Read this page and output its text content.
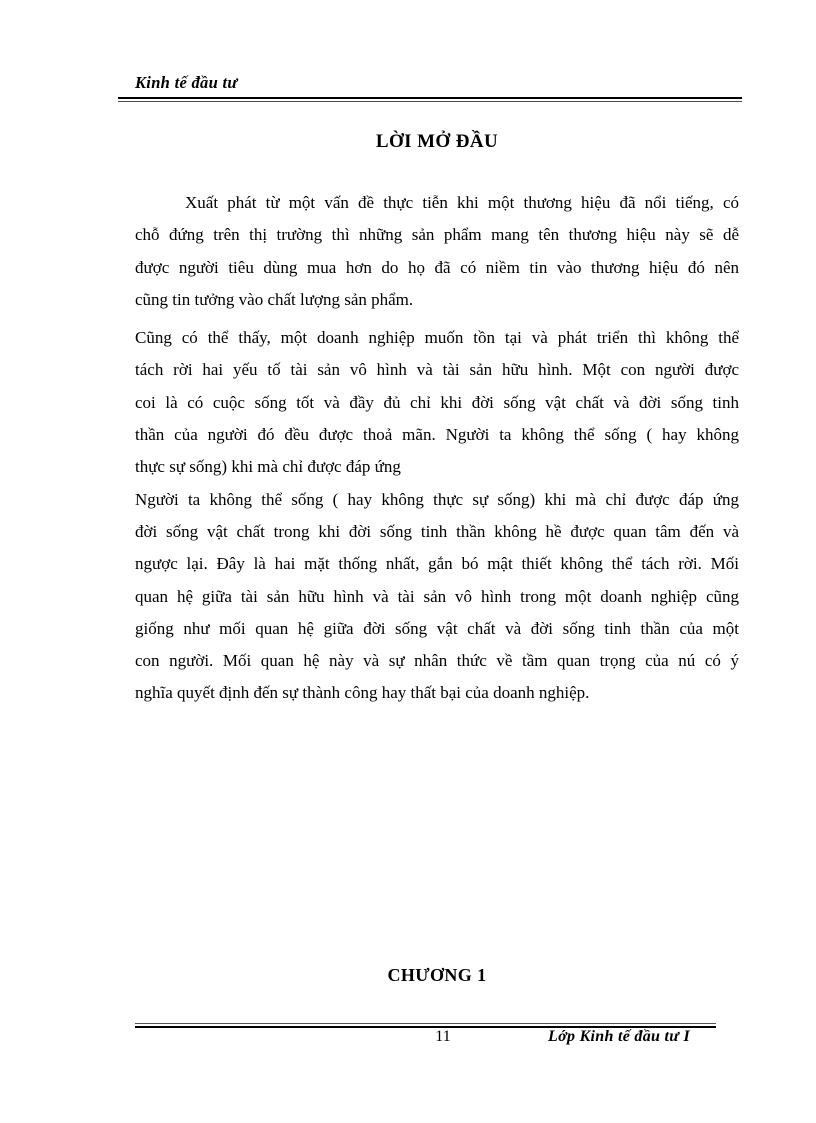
Kinh tế đầu tư
LỜI MỞ ĐẦU
Xuất phát từ một vấn đề thực tiễn khi một thương hiệu đã nổi tiếng, có
chỗ đứng trên thị trường thì những sản phẩm mang tên thương hiệu này sẽ dễ
được người tiêu dùng mua hơn do họ đã có niềm tin vào thương hiệu đó nên
cũng tin tưởng vào chất lượng sản phẩm.
Cũng có thể thấy, một doanh nghiệp muốn tồn tại và phát triển thì không thể
tách rời hai yếu tố tài sản vô hình và tài sản hữu hình. Một con người được
coi là có cuộc sống tốt và đầy đủ chỉ khi đời sống vật chất và đời sống tinh
thần của người đó đều được thoả mãn. Người ta không thể sống ( hay không
thực sự sống) khi mà chỉ được đáp ứng
Người ta không thể sống ( hay không thực sự sống) khi mà chỉ được đáp ứng
đời sống vật chất trong khi đời sống tinh thần không hề được quan tâm đến và
ngược lại. Đây là hai mặt thống nhất, gắn bó mật thiết không thể tách rời. Mối
quan hệ giữa tài sản hữu hình và tài sản vô hình trong một doanh nghiệp cũng
giống như mối quan hệ giữa đời sống vật chất và đời sống tinh thần của một
con người. Mối quan hệ này và sự nhân thức về tầm quan trọng của nú có ý
nghĩa quyết định đến sự thành công hay thất bại của doanh nghiệp.
CHƯƠNG 1
11	Lớp Kinh tế đầu tư I
